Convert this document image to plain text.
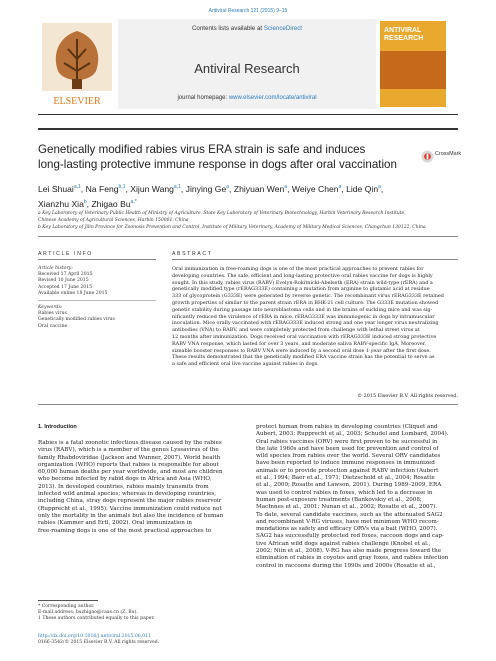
Antiviral Research 121 (2015) 9–15
ELSEVIER
Contents lists available at ScienceDirect
Antiviral Research
journal homepage: www.elsevier.com/locate/antiviral
ANTIVIRAL RESEARCH
Genetically modified rabies virus ERA strain is safe and induces
long-lasting protective immune response in dogs after oral vaccination
CrossMark
Lei Shuai$^{a,1}$, Na Feng$^{b,1}$, Xijun Wang$^{a,1}$, Jinying Ge$^a$, Zhiyuan Wen$^a$, Weiye Chen$^a$, Lide Qin$^a$,
Xianzhu Xia$^b$, Zhigao $Bu^{a,*}$
a Key Laboratory of Veterinary Public Health of Ministry of Agriculture, State Key Laboratory of Veterinary Biotechnology, Harbin Veterinary Research Institute,
Chinese Academy of Agricultural Sciences, Harbin 150001, China
b Key Laboratory of Jilin Province for Zoonosis Prevention and Control, Institute of Military Veterinary, Academy of Military Medical Sciences, Changchun 130122, China
ARTICLE INFO	ABSTRACT
Article history:
Received 17 April 2015
Revised 10 June 2015
Accepted 17 June 2015
Available online 18 June 2015
Keywords:
Rabies virus
Genetically modified rabies virus
Oral vaccine
Oral immunization in free-roaming dogs is one of the most practical approaches to prevent rabies for
developing countries. The safe, efficient and long-lasting protective oral rabies vaccine for dogs is highly
sought. In this study, rabies virus (RABV) Evelyn-Rokitnicki-Abelseth (ERA) strain wild-type (rERA) and a
genetically modified type (rERAG333E) containing a mutation from arginine to glutamic acid at residue
333 of glycoprotein (G333E) were generated by reverse genetic. The recombinant virus rERAG333E retained
growth properties of similar to the parent strain rERA in BHK-21 cell culture. The G333E mutation showed
genetic stability during passage into neuroblastoma cells and in the brains of suckling mice and was sig-
nificantly reduced the virulence of rERA in mice. rERAG333E was immunogenic in dogs by intramuscular
inoculation. Mice orally vaccinated with rERAG333E induced strong and one year longer virus neutralizing
antibodies (VNA) to RABV, and were completely protected from challenge with lethal street virus at
12 months after immunization. Dogs received oral vaccination with rERAG333E induced strong protective
RABV VNA response, which lasted for over 3 years, and moderate saliva RABV-specific IgA. Moreover,
sizeable booster responses to RABV VNA were induced by a second oral dose 1 year after the first dose.
These results demonstrated that the genetically modified ERA vaccine strain has the potential to serve as
a safe and efficient oral live vaccine against rabies in dogs.
© 2015 Elsevier B.V. All rights reserved.
1. Introduction
Rabies is a fatal zoonotic infectious disease caused by the rabies
virus (RABV), which is a member of the genus Lyssavirus of the
family Rhabdoviridae (Jackson and Wunner, 2007). World health
organization (WHO) reports that rabies is responsible for about
60,000 human deaths per year worldwide, and most are children
who become infected by rabid dogs in Africa and Asia (WHO,
2013). In developed countries, rabies mainly transmits from
infected wild animal species; whereas in developing countries,
including China, stray dogs represent the major rabies reservoir
(Rupprecht et al., 1995). Vaccine immunization could reduce not
only the mortality in the animals but also the incidence of human
rabies (Kammer and Ertl, 2002). Oral immunization in
free-roaming dogs is one of the most practical approaches to
protect human from rabies in developing countries (Cliquet and
Aubert, 2003; Rupprecht et al., 2003; Schudel and Lombard, 2004).
Oral rabies vaccines (ORV) were first proven to be successful in
the late 1960s and have been used for prevention and control of
wild species from rabies over the world. Several ORV candidates
have been reported to induce immune responses in immunized
animals or to provide protection against RABV infection (Aubert
et al., 1994; Baer et al., 1971; Dietzschold et al., 2004; Rosatte
et al., 2009; Rosatte and Lawson, 2001). During 1989–2009, ERA
was used to control rabies in foxes, which led to a decrease in
human post-exposure treatments (Bankovskiy et al., 2008;
MacInnes et al., 2001; Nunan et al., 2002; Rosatte et al., 2007).
To date, several candidate vaccines, such as the attenuated SAG2
and recombinant V-RG viruses, have met minimum WHO recom-
mendations as safety and efficacy ORVs via a bait (WHO, 2007).
SAG2 has successfully protected red foxes, raccoon dogs and cap-
tive African wild dogs against rabies challenge (Knobel et al.,
2002; Niin et al., 2008). V-RG has also made progress toward the
elimination of rabies in coyotes and gray foxes, and rabies infection
control in raccoons during the 1990s and 2000s (Rosatte et al.,
* Corresponding author.
E-mail address: buzhigao@caas.cn (Z. Bu).
1 These authors contributed equally to this paper.
http://dx.doi.org/10.1016/j.antiviral.2015.06.011
0166-3542/© 2015 Elsevier B.V. All rights reserved.
